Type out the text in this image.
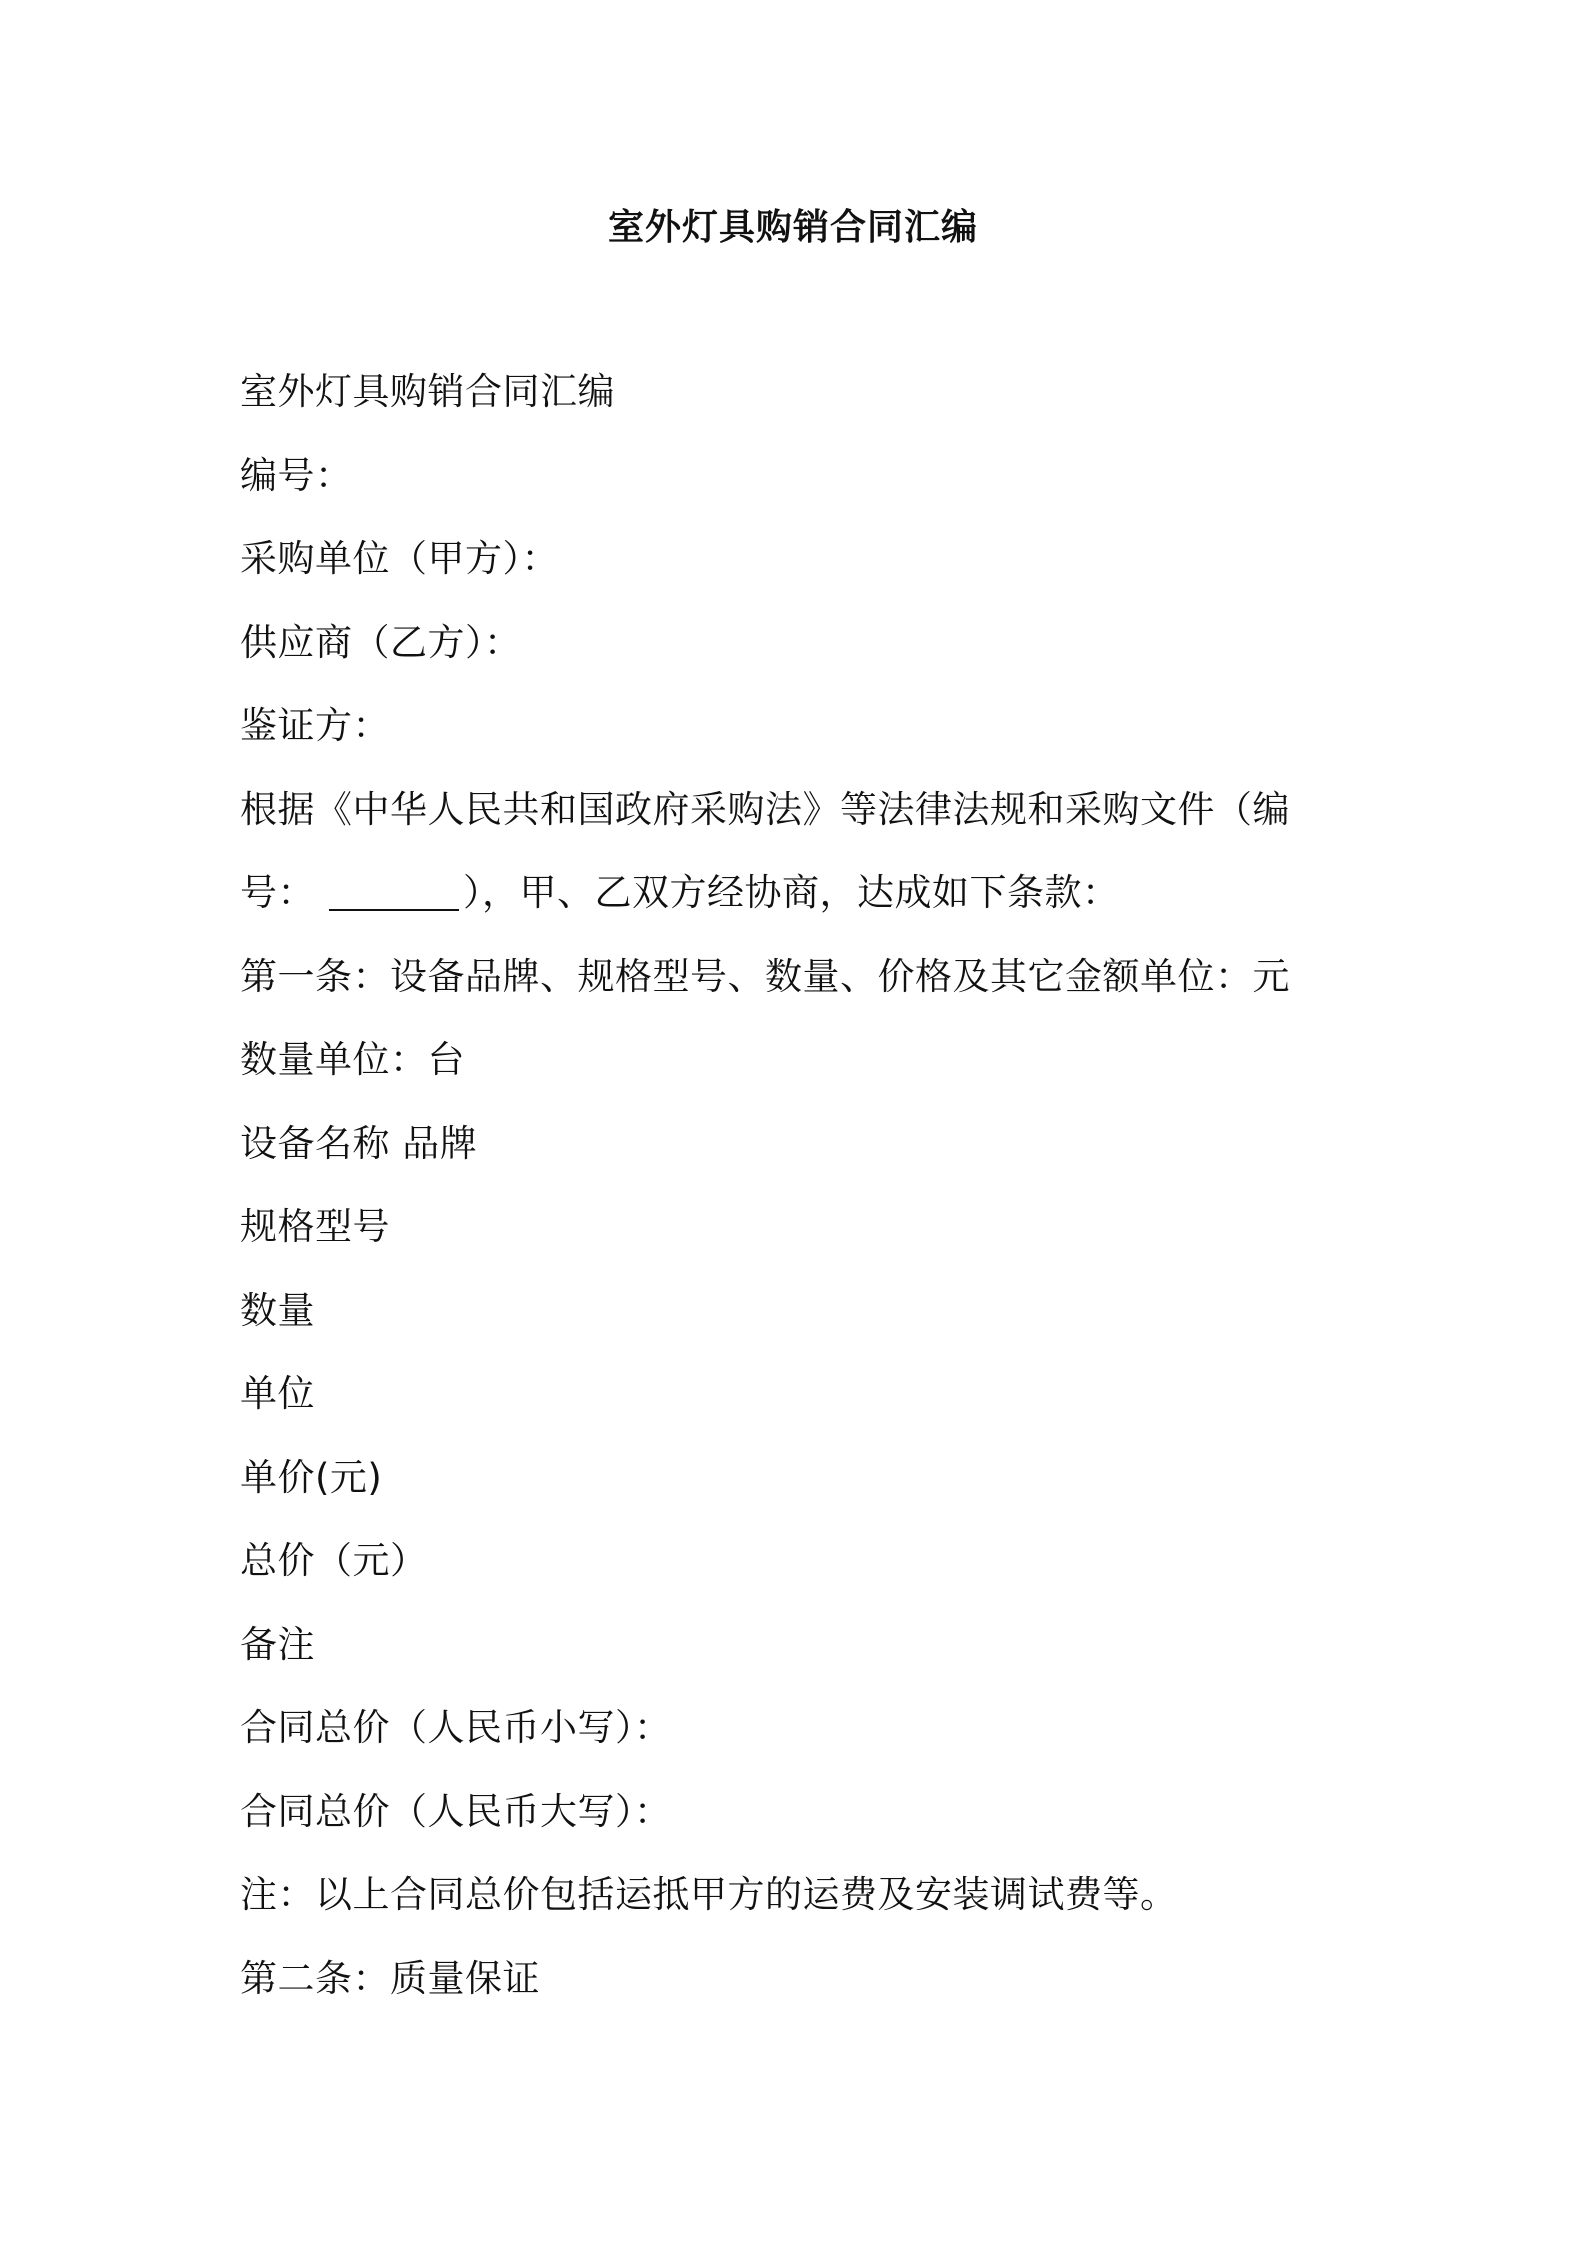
室外灯具购销合同汇编
室外灯具购销合同汇编
编号：
采购单位（甲方）：
供应商（乙方）：
鉴证方：
根据《中华人民共和国政府采购法》等法律法规和采购文件（编
号：	），甲、乙双方经协商，达成如下条款：
第一条：设备品牌、规格型号、数量、价格及其它金额单位：元
数量单位：台
设备名称 品牌
规格型号
数量
单位
单价(元)
总价（元）
备注
合同总价（人民币小写）：
合同总价（人民币大写）：
注：以上合同总价包括运抵甲方的运费及安装调试费等。
第二条：质量保证
